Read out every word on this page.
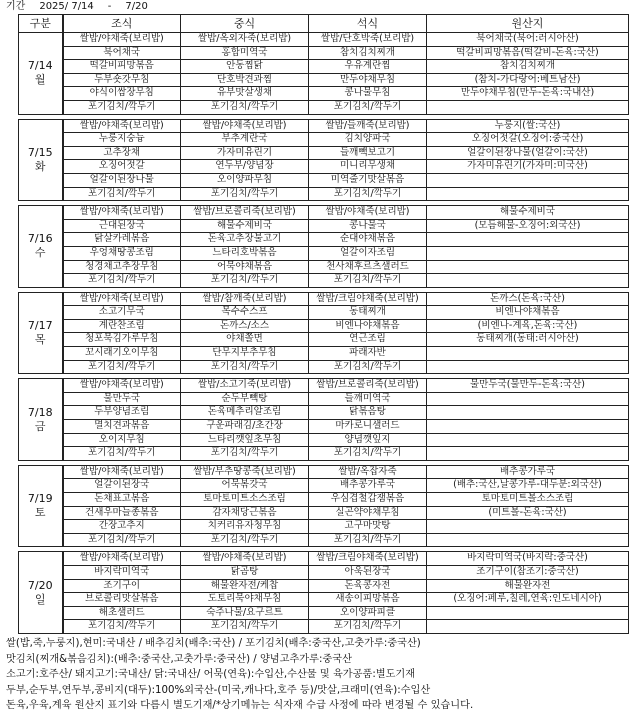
기간 2025/ 7/14 - 7/20
구분	조식	중식	석식	원산지

7/14
월	쌀밥/야채죽(보리밥)	쌀밥/옥외자죽(보리밥)	쌀밥/단호박죽(보리밥)	북어채국(북어:러시아산)
	북어채국	홍합미역국	참치김치찌개	떡갈비피망볶음(떡갈비-돈육:국산)
	떡갈비피망볶음	안동찜닭	우유계란찜	참치김치찌개
	두부숏갓무침	단호박견과찜	만두야채무침	(참치-가다랑어:베트남산)
	야식이쌈장무침	유부맛살생채	콩나물무침	만두야채무침(만두-돈육:국내산)
	포기김치/깍두기	포기김치/깍두기	포기김치/깍두기	

7/15
화	쌀밥/야채죽(보리밥)	쌀밥/야채죽(보리밥)	쌀밥/들깨죽(보리밥)	누룽지(쌀:국산)
	누룽지숭늉	부추계란국	김치양파국	오징어젓갈(오징어:중국산)
	고추장채	가자미유린기	들깨빽보고기	얼갈이된장나물(얼갈이:국산)
	오징어젓갈	연두부/양념장	미니리무생채	가자미유린기(가자미:미국산)
	얼갈이된장나물	오이양파무침	미역줄기맛살볶음	
	포기김치/깍두기	포기김치/깍두기	포기김치/깍두기	

7/16
수	쌀밥/야채죽(보리밥)	쌀밥/브로콜리죽(보리밥)	쌀밥/야채죽(보리밥)	해물수제비국
	근대된장국	해물수제비국	콩나물국	(모듬해물-오징어:외국산)
	닭살카레볶음	돈육고추장불고기	순대야채볶음	
	우엉채땅콩조림	느타리호박볶음	얼갈이자조림	
	청경채고추장무침	어묵야채볶음	천사채후르츠샐러드	
	포기김치/깍두기	포기김치/깍두기	포기김치/깍두기	

7/17
목	쌀밥/야채죽(보리밥)	쌀밥/참깨죽(보리밥)	쌀밥/크림야채죽(보리밥)	돈까스(돈육:국산)
	소고기무국	목수수스프	동태찌개	비엔나야채볶음
	계란찬조림	돈까스/소스	비엔나야채볶음	(비엔나-계육,돈육:국산)
	청포묵김가루무침	야채쫄면	연근조림	동태찌개(동태:러시아산)
	꼬시래기오이무침	단무지부추무침	파래자반	
	포기김치/깍두기	포기김치/깍두기	포기김치/깍두기	

7/18
금	쌀밥/야채죽(보리밥)	쌀밥/소고기죽(보리밥)	쌀밥/브로콜리죽(보리밥)	물만두국(물만두-돈육:국산)
	물만두국	순두부빽탕	들깨미역국	
	두부양념조림	돈육메추리알조림	닭볶음탕	
	멸치견과볶음	구운파래김/초간장	마카로니샐러드	
	오이지무침	느타리깻잎초무침	양념깻잎지	
	포기김치/깍두기	포기김치/깍두기	포기김치/깍두기	

7/19
토	쌀밥/야채죽(보리밥)	쌀밥/부추땅콩죽(보리밥)	쌀밥/옥잡자죽	배추콩가루국
	얼갈이된장국	어묵볶갓국	배추콩가루국	(배추:국산,날콩가루-대두분:외국산)
	돈채표고볶음	토마토미트소스조림	우심겹철갑잼볶음	토마토미트볼소스조림
	건새우마늘종볶음	감자채당근볶음	실곤약야채무침	(미트볼-돈육:국산)
	간장고추지	치커리유자청무침	고구마맛탕	
	포기김치/깍두기	포기김치/깍두기	포기김치/깍두기	

7/20
일	쌀밥/야채죽(보리밥)	쌀밥/야채죽(보리밥)	쌀밥/크림야채죽(보리밥)	바지락미역국(바지락:중국산)
	바지락미역국	닭곰탕	아욱된장국	조기구이(참조기:중국산)
	조기구이	해물완자전/케찹	돈육콩자전	해물완자전
	브로콜리맛살볶음	도토리묵야채무침	새송이피망볶음	(오징어:페루,칠레,연육:인도네시아)
	해초샐러드	숙주나물/요구르트	오이양파피클	
	포기김치/깍두기	포기김치/깍두기	포기김치/깍두기	
쌀(밥,죽,누룽지),현미:국내산 / 배추김치(배추:국산) / 포기김치(배추:중국산,고춧가루:중국산)
맛김치(찌개&볶음김치):(배추:중국산,고춧가루:중국산) / 양념고추가루:중국산
소고기:호주산/ 돼지고기:국내산/ 닭:국내산/ 어묵(연육):수입산,수산물 및 육가공품:별도기재
두부,순두부,연두부,콩비지(대두):100%외국산-(미국,캐나다,호주 등)/맛살,크래미(연육):수입산
돈육,우육,계육 원산지 표기와 다름시 별도기재/*상기메뉴는 식자재 수급 사정에 따라 변경될 수 있습니다.
